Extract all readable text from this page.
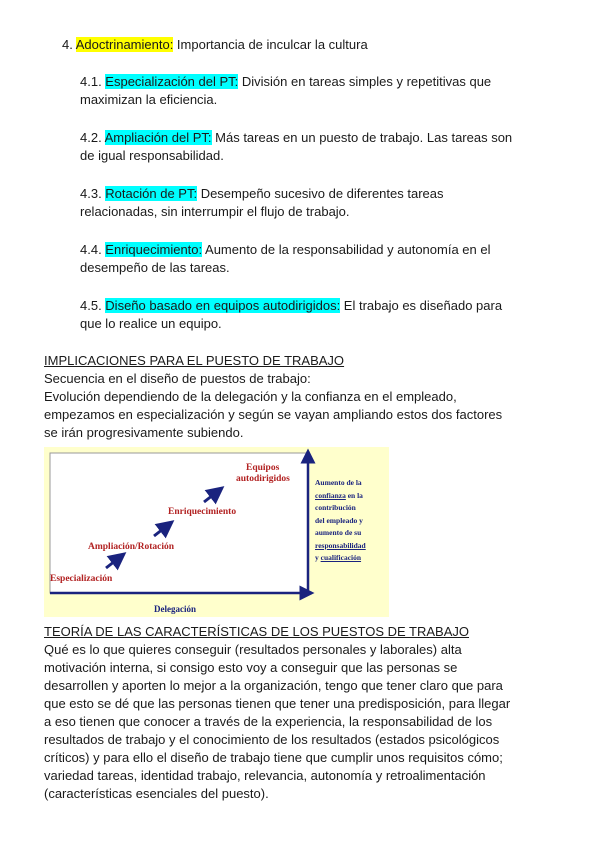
4. Adoctrinamiento: Importancia de inculcar la cultura
4.1. Especialización del PT: División en tareas simples y repetitivas que
maximizan la eficiencia.
4.2. Ampliación del PT: Más tareas en un puesto de trabajo. Las tareas son
de igual responsabilidad.
4.3. Rotación de PT: Desempeño sucesivo de diferentes tareas
relacionadas, sin interrumpir el flujo de trabajo.
4.4. Enriquecimiento: Aumento de la responsabilidad y autonomía en el
desempeño de las tareas.
4.5. Diseño basado en equipos autodirigidos: El trabajo es diseñado para
que lo realice un equipo.
IMPLICACIONES PARA EL PUESTO DE TRABAJO
Secuencia en el diseño de puestos de trabajo:
Evolución dependiendo de la delegación y la confianza en el empleado,
empezamos en especialización y según se vayan ampliando estos dos factores
se irán progresivamente subiendo.
Especialización
Ampliación/Rotación
Enriquecimiento
Equipos
autodirigidos	Aumento de la
confianza en la
contribución
del empleado y
aumento de su
responsabilidad
y cualificación
Delegación
TEORÍA DE LAS CARACTERÍSTICAS DE LOS PUESTOS DE TRABAJO
Qué es lo que quieres conseguir (resultados personales y laborales) alta
motivación interna, si consigo esto voy a conseguir que las personas se
desarrollen y aporten lo mejor a la organización, tengo que tener claro que para
que esto se dé que las personas tienen que tener una predisposición, para llegar
a eso tienen que conocer a través de la experiencia, la responsabilidad de los
resultados de trabajo y el conocimiento de los resultados (estados psicológicos
críticos) y para ello el diseño de trabajo tiene que cumplir unos requisitos cómo;
variedad tareas, identidad trabajo, relevancia, autonomía y retroalimentación
(características esenciales del puesto).
